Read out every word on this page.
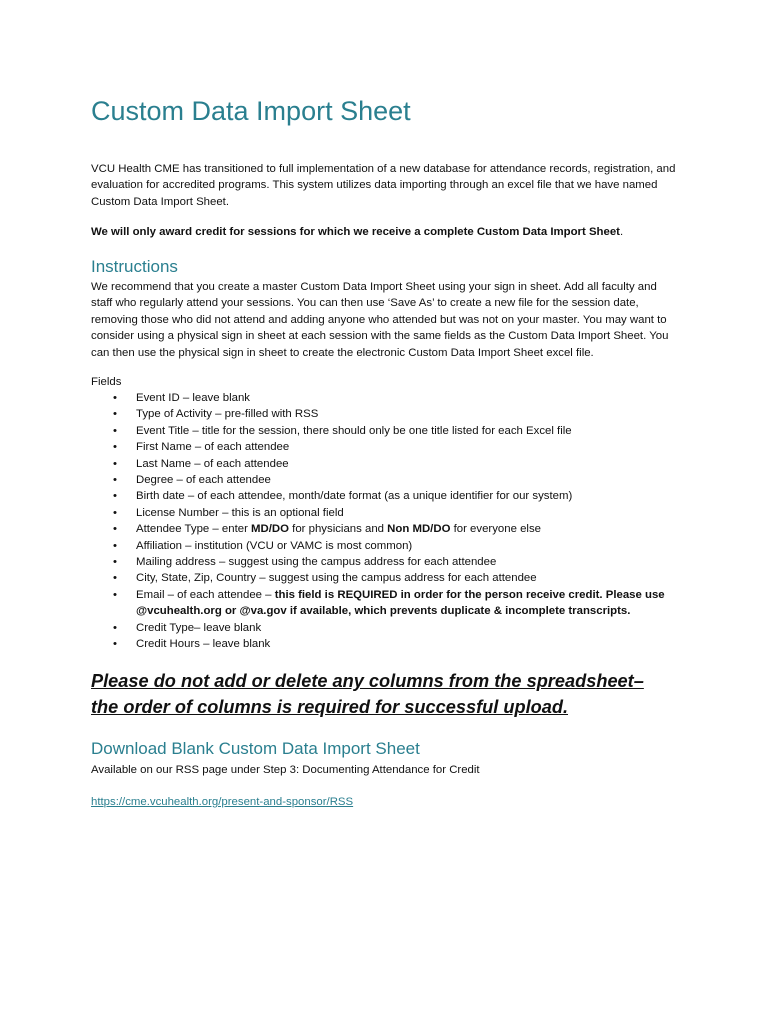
Custom Data Import Sheet

VCU Health CME has transitioned to full implementation of a new database for attendance records, registration, and evaluation for accredited programs. This system utilizes data importing through an excel file that we have named Custom Data Import Sheet.

We will only award credit for sessions for which we receive a complete Custom Data Import Sheet.

Instructions

We recommend that you create a master Custom Data Import Sheet using your sign in sheet. Add all faculty and staff who regularly attend your sessions. You can then use ‘Save As’ to create a new file for the session date, removing those who did not attend and adding anyone who attended but was not on your master. You may want to consider using a physical sign in sheet at each session with the same fields as the Custom Data Import Sheet. You can then use the physical sign in sheet to create the electronic Custom Data Import Sheet excel file.

Fields

• Event ID – leave blank
• Type of Activity – pre-filled with RSS
• Event Title – title for the session, there should only be one title listed for each Excel file
• First Name – of each attendee
• Last Name – of each attendee
• Degree – of each attendee
• Birth date – of each attendee, month/date format (as a unique identifier for our system)
• License Number – this is an optional field
• Attendee Type – enter MD/DO for physicians and Non MD/DO for everyone else
• Affiliation – institution (VCU or VAMC is most common)
• Mailing address – suggest using the campus address for each attendee
• City, State, Zip, Country – suggest using the campus address for each attendee
• Email – of each attendee – this field is REQUIRED in order for the person receive credit. Please use
@vcuhealth.org or @va.gov if available, which prevents duplicate & incomplete transcripts.
• Credit Type– leave blank
• Credit Hours – leave blank

Please do not add or delete any columns from the spreadsheet–
the order of columns is required for successful upload.

Download Blank Custom Data Import Sheet

Available on our RSS page under Step 3: Documenting Attendance for Credit

https://cme.vcuhealth.org/present-and-sponsor/RSS
